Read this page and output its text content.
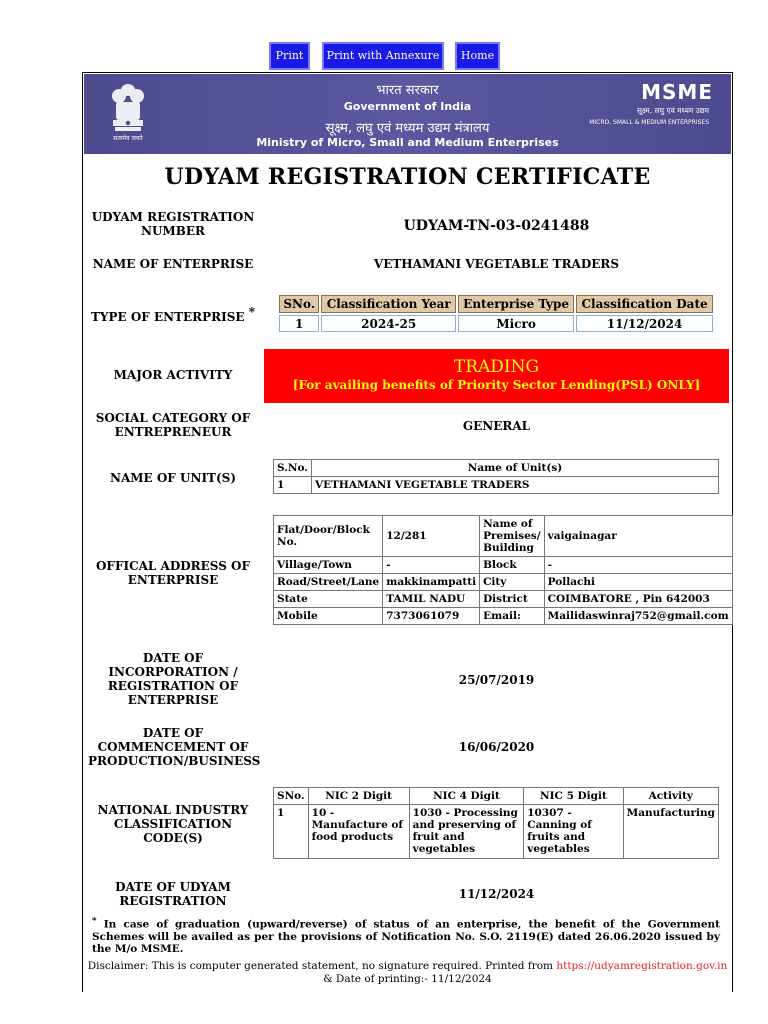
Print	Print with Annexure	Home
सत्यमेव जयते
भारत सरकार
Government of India
सूक्ष्म, लघु एवं मध्यम उद्यम मंत्रालय
Ministry of Micro, Small and Medium Enterprises
MSME
सूक्ष्म, लघु एवं मध्यम उद्यम
MICRO, SMALL & MEDIUM ENTERPRISES
UDYAM REGISTRATION CERTIFICATE
UDYAM REGISTRATION NUMBER	UDYAM-TN-03-0241488
NAME OF ENTERPRISE	VETHAMANI VEGETABLE TRADERS
TYPE OF ENTERPRISE *
SNo.	Classification Year	Enterprise Type	Classification Date
1	2024-25	Micro	11/12/2024
MAJOR ACTIVITY	TRADING
[For availing benefits of Priority Sector Lending(PSL) ONLY]
SOCIAL CATEGORY OF ENTREPRENEUR	GENERAL
NAME OF UNIT(S)
S.No.	Name of Unit(s)
1	VETHAMANI VEGETABLE TRADERS
OFFICAL ADDRESS OF ENTERPRISE
Flat/Door/Block No.	12/281	Name of Premises/ Building	vaigainagar
Village/Town	-	Block	-
Road/Street/Lane	makkinampatti	City	Pollachi
State	TAMIL NADU	District	COIMBATORE , Pin 642003
Mobile	7373061079	Email:	Mailidaswinraj752@gmail.com
DATE OF INCORPORATION / REGISTRATION OF ENTERPRISE
25/07/2019
DATE OF COMMENCEMENT OF PRODUCTION/BUSINESS
16/06/2020
NATIONAL INDUSTRY CLASSIFICATION CODE(S)
SNo.	NIC 2 Digit	NIC 4 Digit	NIC 5 Digit	Activity
1	10 - Manufacture of food products	1030 - Processing and preserving of fruit and vegetables	10307 - Canning of fruits and vegetables	Manufacturing
DATE OF UDYAM REGISTRATION	11/12/2024
* In case of graduation (upward/reverse) of status of an enterprise, the benefit of the Government Schemes will be availed as per the provisions of Notification No. S.O. 2119(E) dated 26.06.2020 issued by the M/o MSME.
Disclaimer: This is computer generated statement, no signature required. Printed from https://udyamregistration.gov.in
& Date of printing:- 11/12/2024
